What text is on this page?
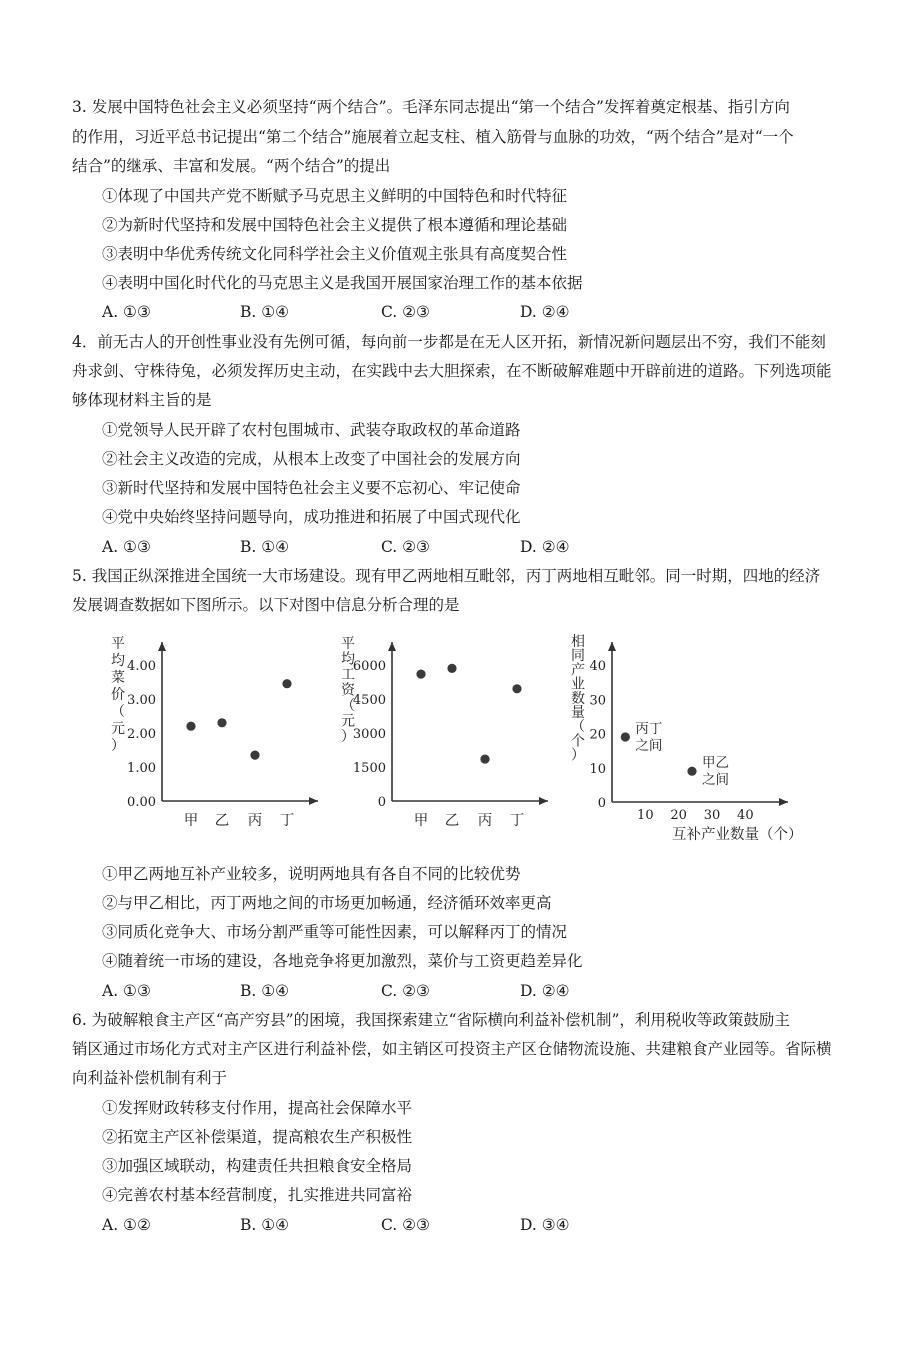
3. 发展中国特色社会主义必须坚持“两个结合”。毛泽东同志提出“第一个结合”发挥着奠定根基、指引方向
的作用，习近平总书记提出“第二个结合”施展着立起支柱、植入筋骨与血脉的功效，“两个结合”是对“一个
结合”的继承、丰富和发展。“两个结合”的提出
①体现了中国共产党不断赋予马克思主义鲜明的中国特色和时代特征
②为新时代坚持和发展中国特色社会主义提供了根本遵循和理论基础
③表明中华优秀传统文化同科学社会主义价值观主张具有高度契合性
④表明中国化时代化的马克思主义是我国开展国家治理工作的基本依据
A. ①③	B. ①④	C. ②③	D. ②④
4．前无古人的开创性事业没有先例可循，每向前一步都是在无人区开拓，新情况新问题层出不穷，我们不能刻
舟求剑、守株待兔，必须发挥历史主动，在实践中去大胆探索，在不断破解难题中开辟前进的道路。下列选项能
够体现材料主旨的是
①党领导人民开辟了农村包围城市、武装夺取政权的革命道路
②社会主义改造的完成，从根本上改变了中国社会的发展方向
③新时代坚持和发展中国特色社会主义要不忘初心、牢记使命
④党中央始终坚持问题导向，成功推进和拓展了中国式现代化
A. ①③	B. ①④	C. ②③	D. ②④
5. 我国正纵深推进全国统一大市场建设。现有甲乙两地相互毗邻，丙丁两地相互毗邻。同一时期，四地的经济
发展调查数据如下图所示。以下对图中信息分析合理的是
平
均
菜
价
（
元
）
0.00
1.00
2.00
3.00
4.00
甲 乙 丙 丁
平
均
工
资
（
元
）
0
1500
3000
4500
6000
甲 乙 丙 丁
相
同
产
业
数
量
（
个
）
0
10
20
30
40
10 20 30 40
互补产业数量（个）
丙丁
之间
甲乙
之间
①甲乙两地互补产业较多，说明两地具有各自不同的比较优势
②与甲乙相比，丙丁两地之间的市场更加畅通，经济循环效率更高
③同质化竞争大、市场分割严重等可能性因素，可以解释丙丁的情况
④随着统一市场的建设，各地竞争将更加激烈，菜价与工资更趋差异化
A. ①③	B. ①④	C. ②③	D. ②④
6. 为破解粮食主产区“高产穷县”的困境，我国探索建立“省际横向利益补偿机制”，利用税收等政策鼓励主
销区通过市场化方式对主产区进行利益补偿，如主销区可投资主产区仓储物流设施、共建粮食产业园等。省际横
向利益补偿机制有利于
①发挥财政转移支付作用，提高社会保障水平
②拓宽主产区补偿渠道，提高粮农生产积极性
③加强区域联动，构建责任共担粮食安全格局
④完善农村基本经营制度，扎实推进共同富裕
A. ①②	B. ①④	C. ②③	D. ③④
